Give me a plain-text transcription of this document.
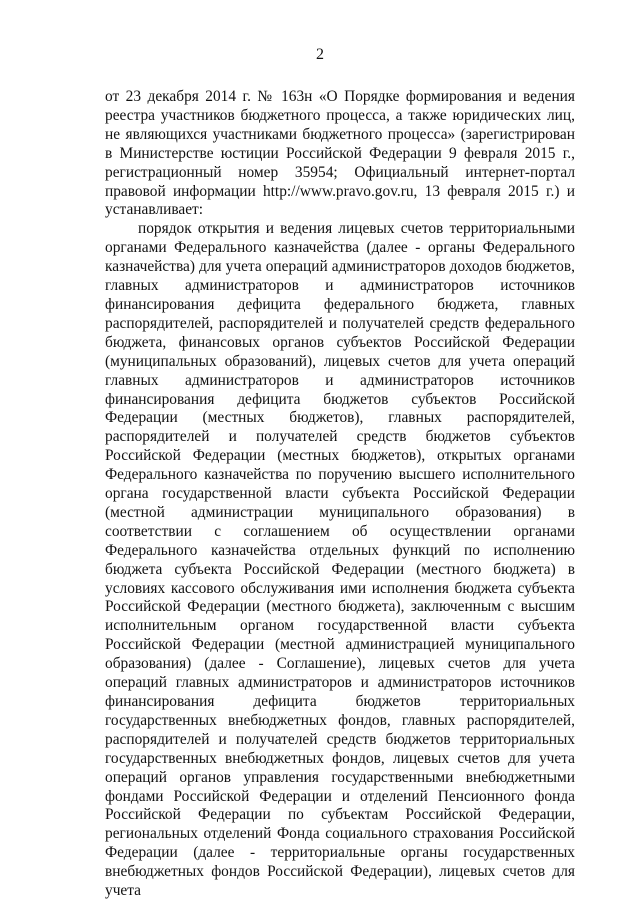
2

от 23 декабря 2014 г. № 163н «О Порядке формирования и ведения реестра участников бюджетного процесса, а также юридических лиц, не являющихся участниками бюджетного процесса» (зарегистрирован в Министерстве юстиции Российской Федерации 9 февраля 2015 г., регистрационный номер 35954; Официальный интернет-портал правовой информации http://www.pravo.gov.ru, 13 февраля 2015 г.) и устанавливает:

порядок открытия и ведения лицевых счетов территориальными органами Федерального казначейства (далее - органы Федерального казначейства) для учета операций администраторов доходов бюджетов, главных администраторов и администраторов источников финансирования дефицита федерального бюджета, главных распорядителей, распорядителей и получателей средств федерального бюджета, финансовых органов субъектов Российской Федерации (муниципальных образований), лицевых счетов для учета операций главных администраторов и администраторов источников финансирования дефицита бюджетов субъектов Российской Федерации (местных бюджетов), главных распорядителей, распорядителей и получателей средств бюджетов субъектов Российской Федерации (местных бюджетов), открытых органами Федерального казначейства по поручению высшего исполнительного органа государственной власти субъекта Российской Федерации (местной администрации муниципального образования) в соответствии с соглашением об осуществлении органами Федерального казначейства отдельных функций по исполнению бюджета субъекта Российской Федерации (местного бюджета) в условиях кассового обслуживания ими исполнения бюджета субъекта Российской Федерации (местного бюджета), заключенным с высшим исполнительным органом государственной власти субъекта Российской Федерации (местной администрацией муниципального образования) (далее - Соглашение), лицевых счетов для учета операций главных администраторов и администраторов источников финансирования дефицита бюджетов территориальных государственных внебюджетных фондов, главных распорядителей, распорядителей и получателей средств бюджетов территориальных государственных внебюджетных фондов, лицевых счетов для учета операций органов управления государственными внебюджетными фондами Российской Федерации и отделений Пенсионного фонда Российской Федерации по субъектам Российской Федерации, региональных отделений Фонда социального страхования Российской Федерации (далее - территориальные органы государственных внебюджетных фондов Российской Федерации), лицевых счетов для учета
